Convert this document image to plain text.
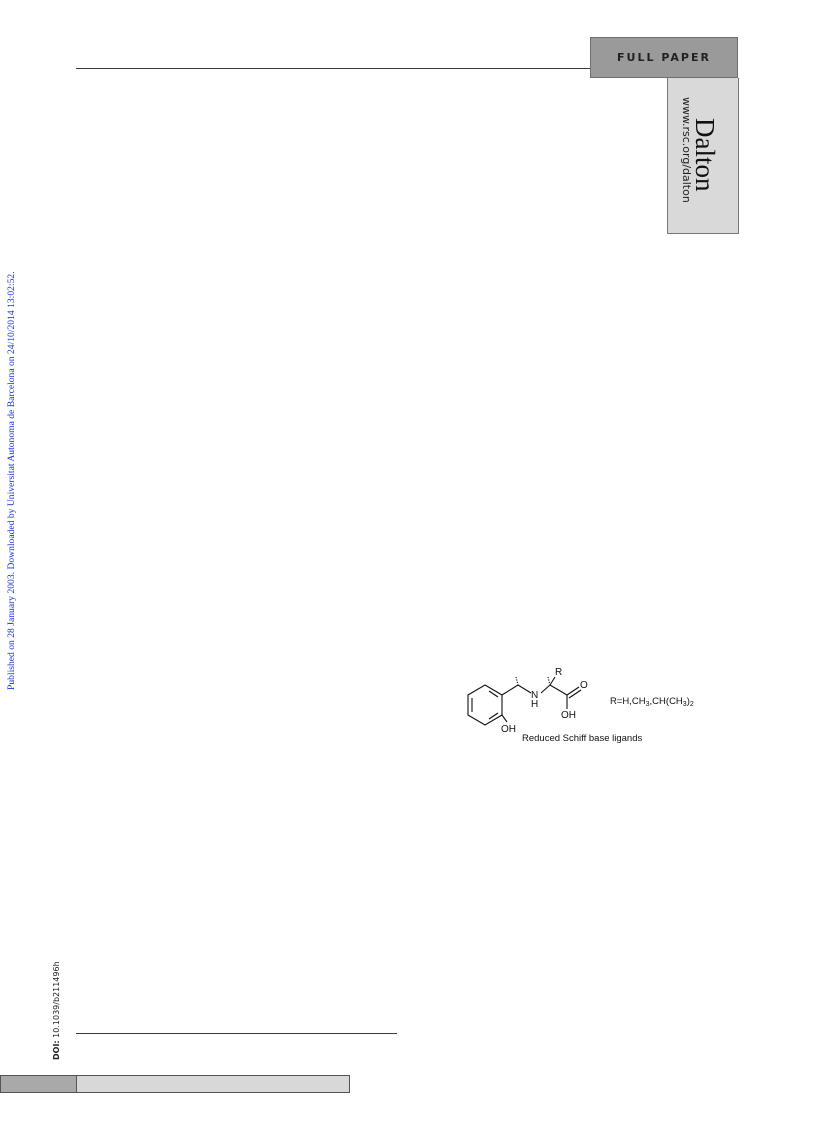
FULL PAPER
Dalton
www.rsc.org/dalton
Published on 28 January 2003. Downloaded by Universitat Autonoma de Barcelona on 24/10/2014 13:02:52.
DOI: 10.1039/b211496h
N
H
R
O
OH
OH
$R=H,CH_3,CH(CH_3)_2$
Reduced Schiff base ligands
